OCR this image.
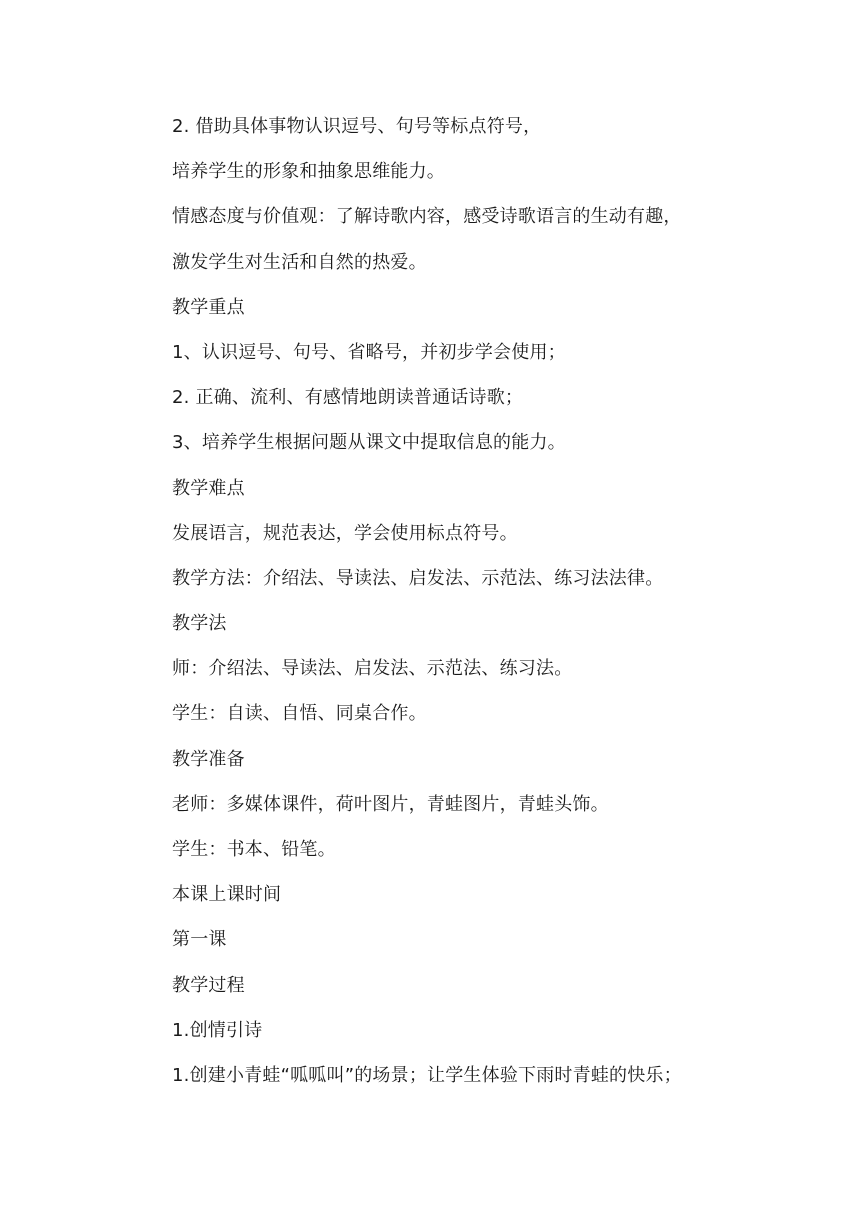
2. 借助具体事物认识逗号、句号等标点符号，
培养学生的形象和抽象思维能力。
情感态度与价值观：了解诗歌内容，感受诗歌语言的生动有趣，
激发学生对生活和自然的热爱。
教学重点
1、认识逗号、句号、省略号，并初步学会使用；
2. 正确、流利、有感情地朗读普通话诗歌；
3、培养学生根据问题从课文中提取信息的能力。
教学难点
发展语言，规范表达，学会使用标点符号。
教学方法：介绍法、导读法、启发法、示范法、练习法法律。
教学法
师：介绍法、导读法、启发法、示范法、练习法。
学生：自读、自悟、同桌合作。
教学准备
老师：多媒体课件，荷叶图片，青蛙图片，青蛙头饰。
学生：书本、铅笔。
本课上课时间
第一课
教学过程
1.创情引诗
1.创建小青蛙“呱呱叫”的场景；让学生体验下雨时青蛙的快乐；
